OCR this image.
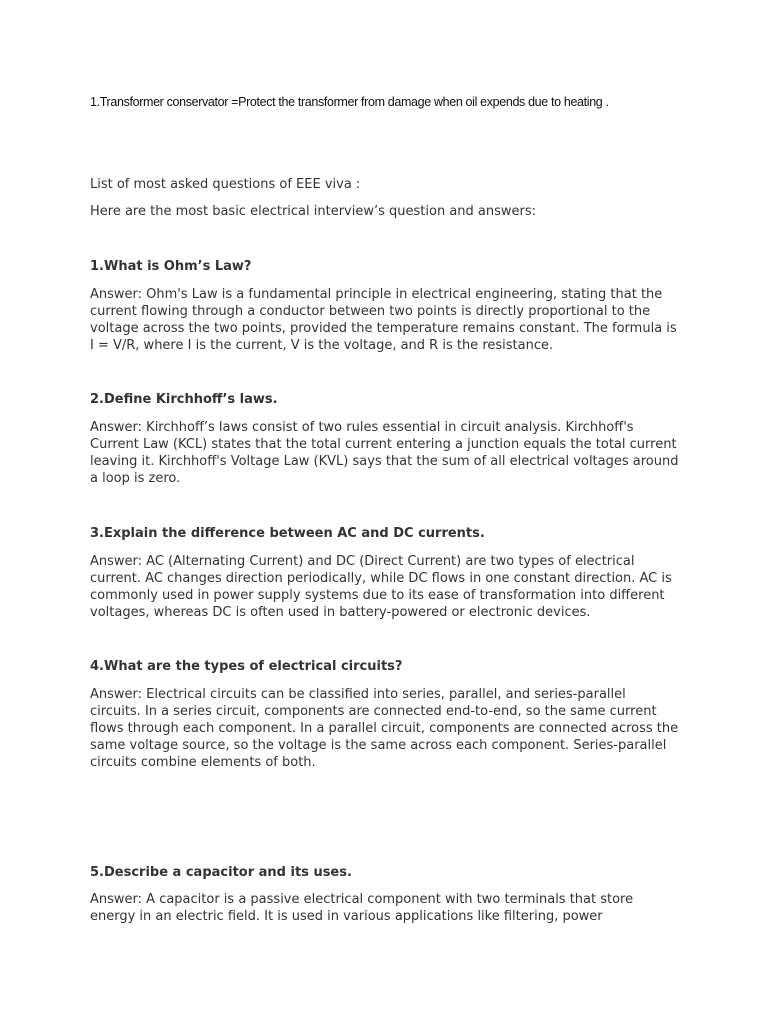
1.Transformer conservator =Protect the transformer from damage when oil expends due to heating .

List of most asked questions of EEE viva :

Here are the most basic electrical interview’s question and answers:

1.What is Ohm’s Law?

Answer: Ohm's Law is a fundamental principle in electrical engineering, stating that the current flowing through a conductor between two points is directly proportional to the voltage across the two points, provided the temperature remains constant. The formula is I = V/R, where I is the current, V is the voltage, and R is the resistance.

2.Define Kirchhoff’s laws.

Answer: Kirchhoff’s laws consist of two rules essential in circuit analysis. Kirchhoff's Current Law (KCL) states that the total current entering a junction equals the total current leaving it. Kirchhoff's Voltage Law (KVL) says that the sum of all electrical voltages around a loop is zero.

3.Explain the difference between AC and DC currents.

Answer: AC (Alternating Current) and DC (Direct Current) are two types of electrical current. AC changes direction periodically, while DC flows in one constant direction. AC is commonly used in power supply systems due to its ease of transformation into different voltages, whereas DC is often used in battery-powered or electronic devices.

4.What are the types of electrical circuits?

Answer: Electrical circuits can be classified into series, parallel, and series-parallel circuits. In a series circuit, components are connected end-to-end, so the same current flows through each component. In a parallel circuit, components are connected across the same voltage source, so the voltage is the same across each component. Series-parallel circuits combine elements of both.

5.Describe a capacitor and its uses.

Answer: A capacitor is a passive electrical component with two terminals that store energy in an electric field. It is used in various applications like filtering, power
